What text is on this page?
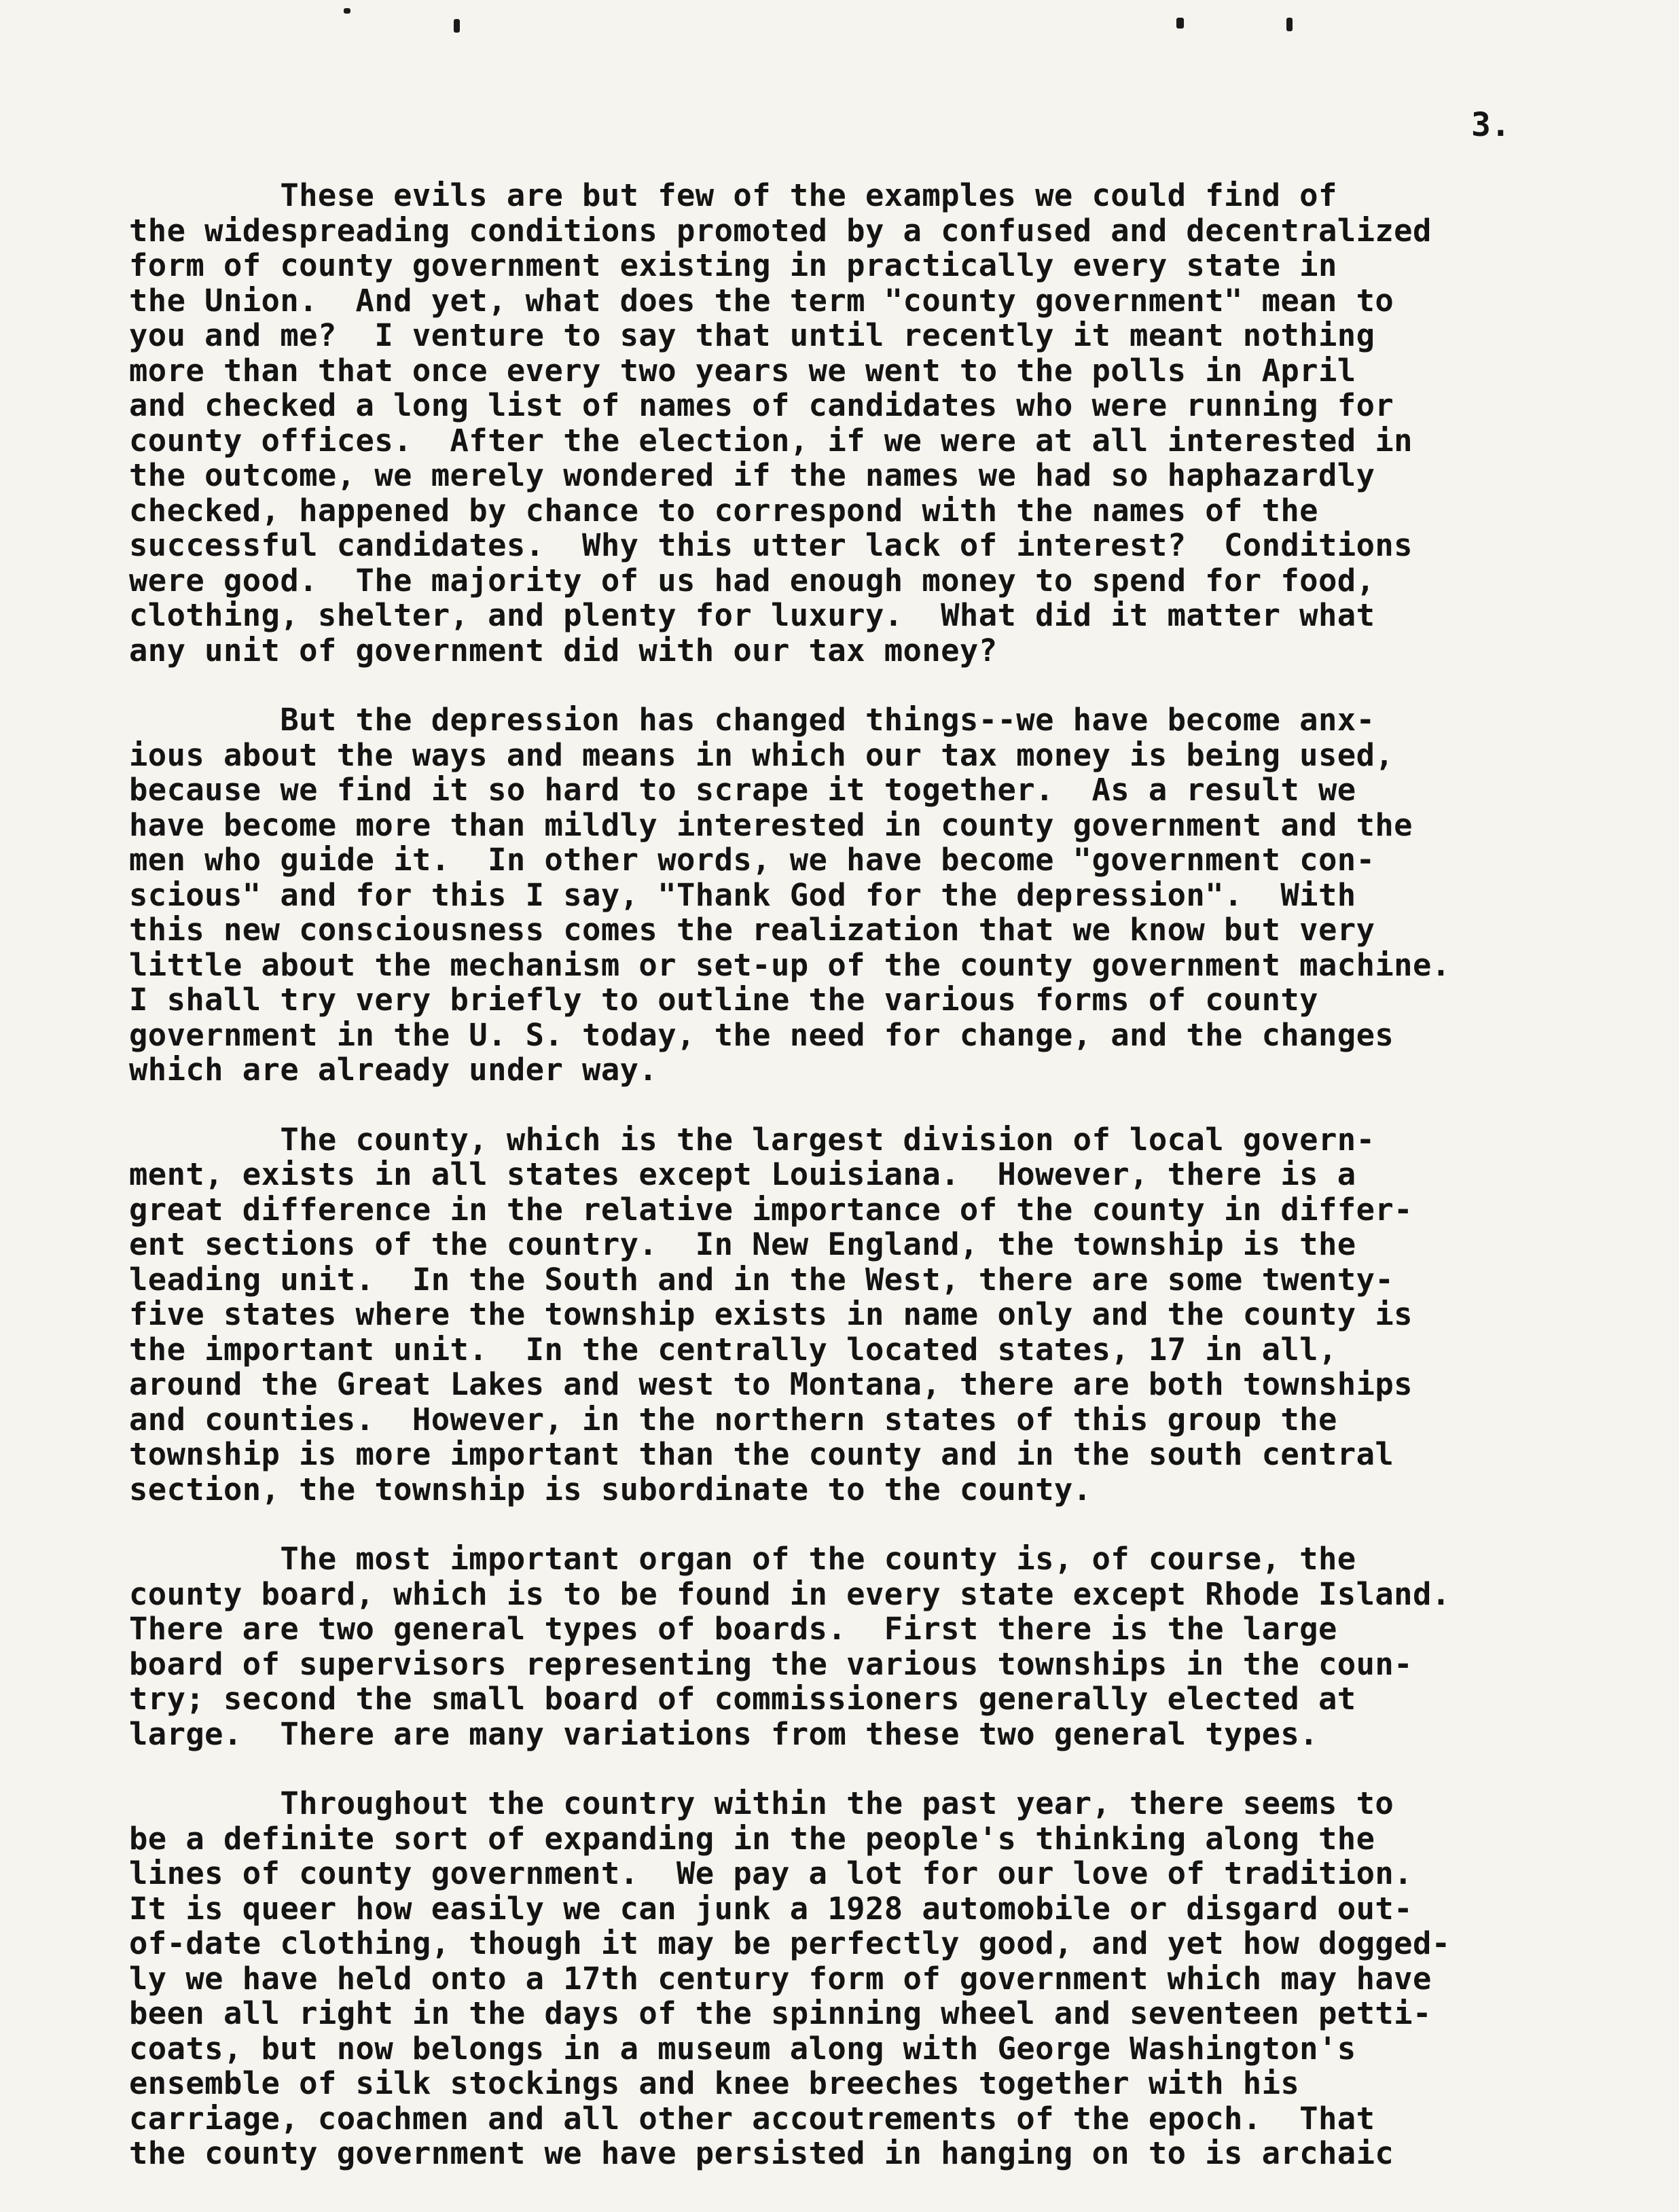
3.
These evils are but few of the examples we could find of
the widespreading conditions promoted by a confused and decentralized
form of county government existing in practically every state in
the Union.  And yet, what does the term "county government" mean to
you and me?  I venture to say that until recently it meant nothing
more than that once every two years we went to the polls in April
and checked a long list of names of candidates who were running for
county offices.  After the election, if we were at all interested in
the outcome, we merely wondered if the names we had so haphazardly
checked, happened by chance to correspond with the names of the
successful candidates.  Why this utter lack of interest?  Conditions
were good.  The majority of us had enough money to spend for food,
clothing, shelter, and plenty for luxury.  What did it matter what
any unit of government did with our tax money?
But the depression has changed things--we have become anx-
ious about the ways and means in which our tax money is being used,
because we find it so hard to scrape it together.  As a result we
have become more than mildly interested in county government and the
men who guide it.  In other words, we have become "government con-
scious" and for this I say, "Thank God for the depression".  With
this new consciousness comes the realization that we know but very
little about the mechanism or set-up of the county government machine.
I shall try very briefly to outline the various forms of county
government in the U. S. today, the need for change, and the changes
which are already under way.
The county, which is the largest division of local govern-
ment, exists in all states except Louisiana.  However, there is a
great difference in the relative importance of the county in differ-
ent sections of the country.  In New England, the township is the
leading unit.  In the South and in the West, there are some twenty-
five states where the township exists in name only and the county is
the important unit.  In the centrally located states, 17 in all,
around the Great Lakes and west to Montana, there are both townships
and counties.  However, in the northern states of this group the
township is more important than the county and in the south central
section, the township is subordinate to the county.
The most important organ of the county is, of course, the
county board, which is to be found in every state except Rhode Island.
There are two general types of boards.  First there is the large
board of supervisors representing the various townships in the coun-
try; second the small board of commissioners generally elected at
large.  There are many variations from these two general types.
Throughout the country within the past year, there seems to
be a definite sort of expanding in the people's thinking along the
lines of county government.  We pay a lot for our love of tradition.
It is queer how easily we can junk a 1928 automobile or disgard out-
of-date clothing, though it may be perfectly good, and yet how dogged-
ly we have held onto a 17th century form of government which may have
been all right in the days of the spinning wheel and seventeen petti-
coats, but now belongs in a museum along with George Washington's
ensemble of silk stockings and knee breeches together with his
carriage, coachmen and all other accoutrements of the epoch.  That
the county government we have persisted in hanging on to is archaic
